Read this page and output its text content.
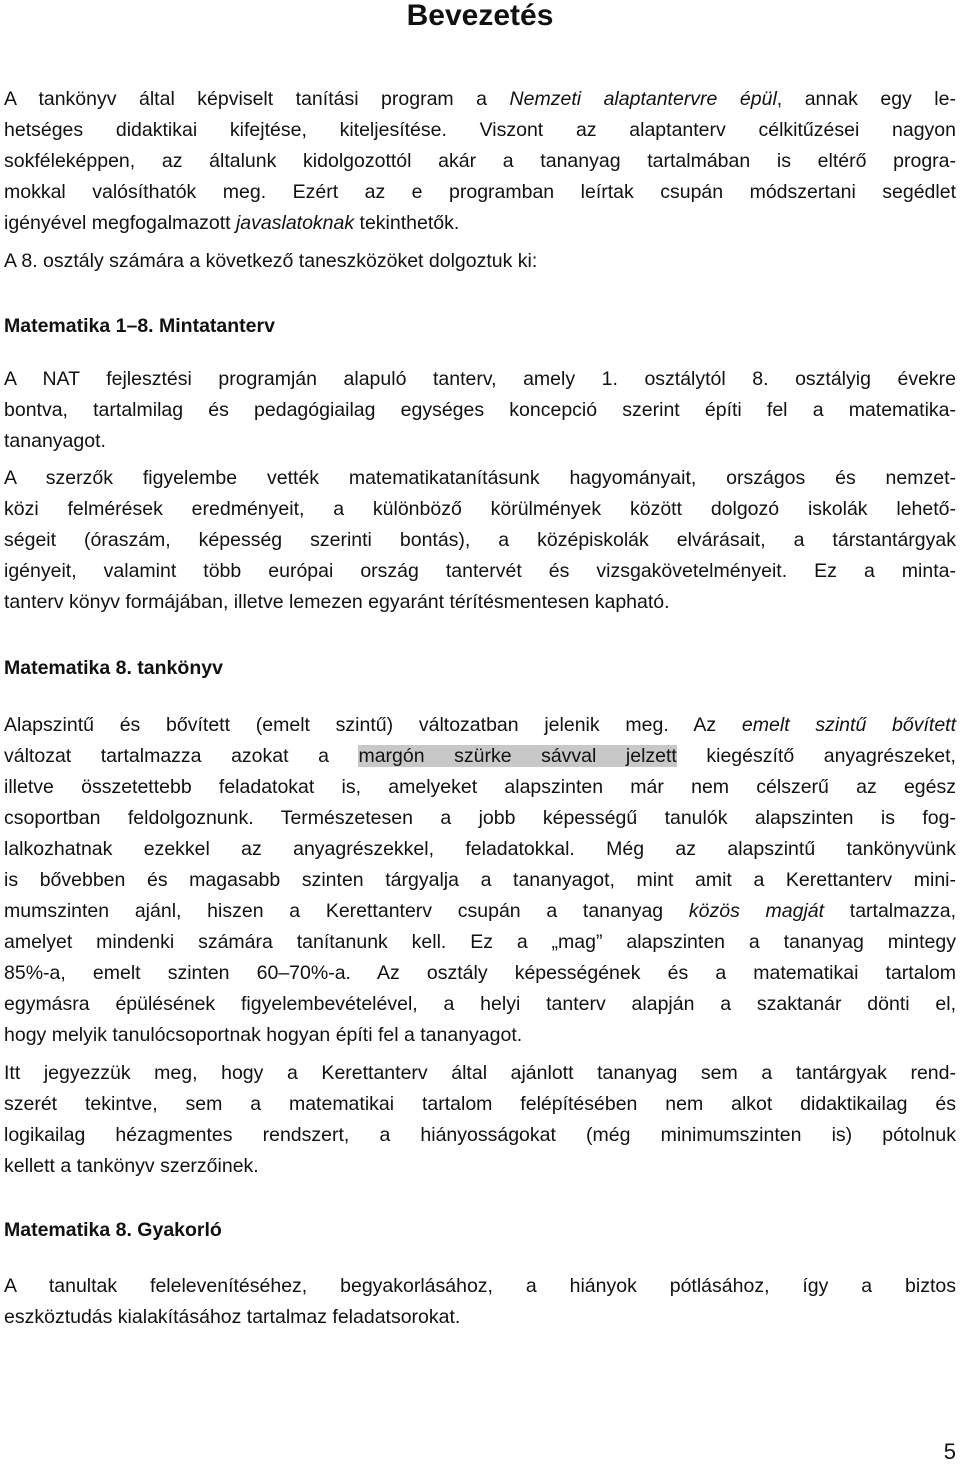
Bevezetés
A tankönyv által képviselt tanítási program a Nemzeti alaptantervre épül, annak egy le-
hetséges didaktikai kifejtése, kiteljesítése. Viszont az alaptanterv célkitűzései nagyon
sokféleképpen, az általunk kidolgozottól akár a tananyag tartalmában is eltérő progra-
mokkal valósíthatók meg. Ezért az e programban leírtak csupán módszertani segédlet
igényével megfogalmazott javaslatoknak tekinthetők.
A 8. osztály számára a következő taneszközöket dolgoztuk ki:
Matematika 1–8. Mintatanterv
A NAT fejlesztési programján alapuló tanterv, amely 1. osztálytól 8. osztályig évekre
bontva, tartalmilag és pedagógiailag egységes koncepció szerint építi fel a matematika-
tananyagot.
A szerzők figyelembe vették matematikatanításunk hagyományait, országos és nemzet-
közi felmérések eredményeit, a különböző körülmények között dolgozó iskolák lehető-
ségeit (óraszám, képesség szerinti bontás), a középiskolák elvárásait, a társtantárgyak
igényeit, valamint több európai ország tantervét és vizsgakövetelményeit. Ez a minta-
tanterv könyv formájában, illetve lemezen egyaránt térítésmentesen kapható.
Matematika 8. tankönyv
Alapszintű és bővített (emelt szintű) változatban jelenik meg. Az emelt szintű bővített
változat tartalmazza azokat a margón szürke sávval jelzett kiegészítő anyagrészeket,
illetve összetettebb feladatokat is, amelyeket alapszinten már nem célszerű az egész
csoportban feldolgoznunk. Természetesen a jobb képességű tanulók alapszinten is fog-
lalkozhatnak ezekkel az anyagrészekkel, feladatokkal. Még az alapszintű tankönyvünk
is bővebben és magasabb szinten tárgyalja a tananyagot, mint amit a Kerettanterv mini-
mumszinten ajánl, hiszen a Kerettanterv csupán a tananyag közös magját tartalmazza,
amelyet mindenki számára tanítanunk kell. Ez a „mag” alapszinten a tananyag mintegy
85%-a, emelt szinten 60–70%-a. Az osztály képességének és a matematikai tartalom
egymásra épülésének figyelembevételével, a helyi tanterv alapján a szaktanár dönti el,
hogy melyik tanulócsoportnak hogyan építi fel a tananyagot.
Itt jegyezzük meg, hogy a Kerettanterv által ajánlott tananyag sem a tantárgyak rend-
szerét tekintve, sem a matematikai tartalom felépítésében nem alkot didaktikailag és
logikailag hézagmentes rendszert, a hiányosságokat (még minimumszinten is) pótolnuk
kellett a tankönyv szerzőinek.
Matematika 8. Gyakorló
A tanultak felelevenítéséhez, begyakorlásához, a hiányok pótlásához, így a biztos
eszköztudás kialakításához tartalmaz feladatsorokat.
5
